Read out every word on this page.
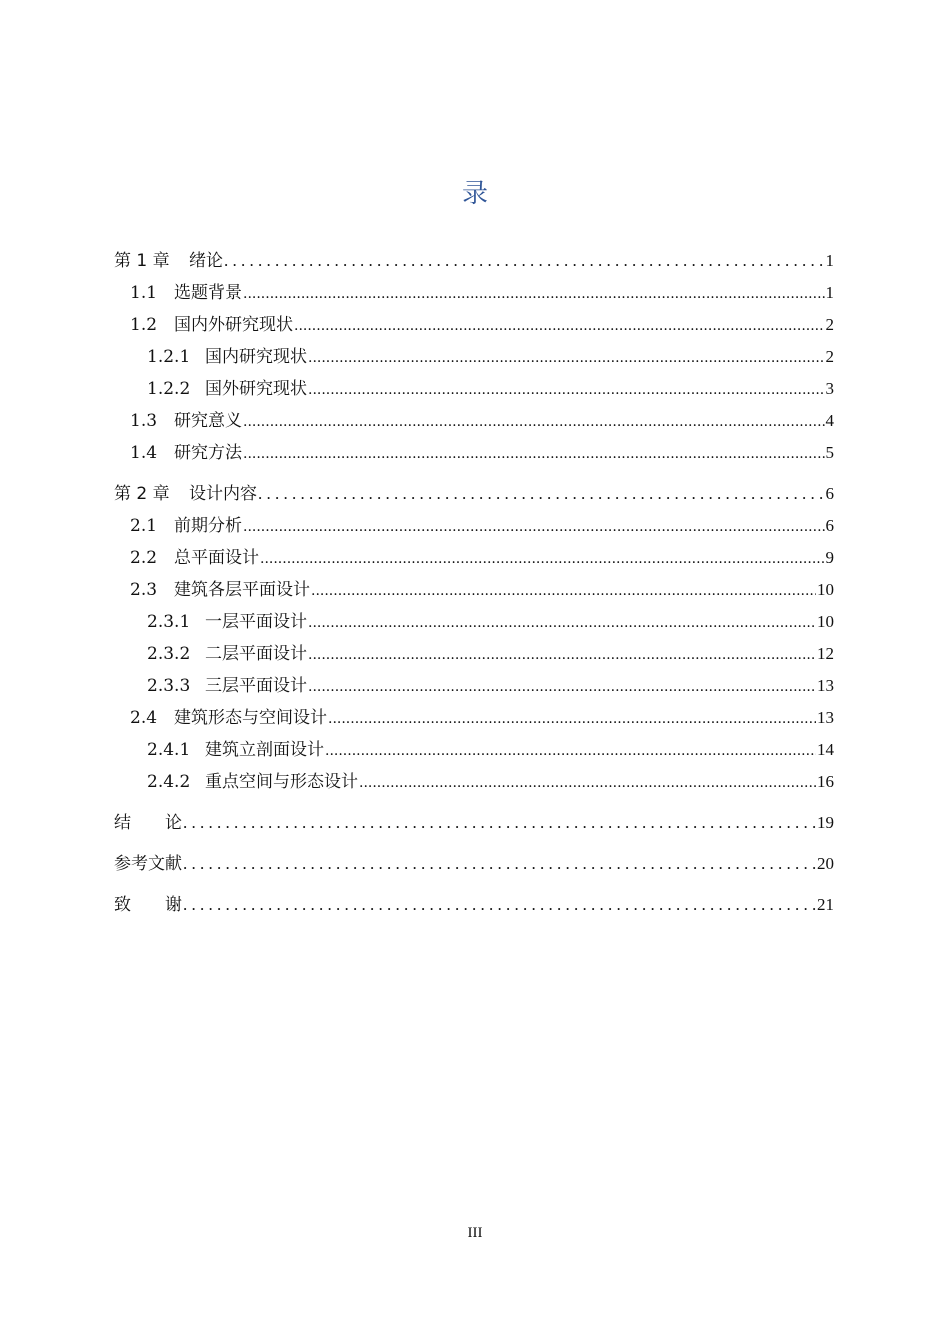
录
第 1 章	绪论 . . .	1
1.1 选题背景 .....	1
1.2 国内外研究现状 .....	2
1.2.1 国内研究现状 .....	2
1.2.2 国外研究现状 .....	3
1.3 研究意义 .....	4
1.4 研究方法 .....	5
第 2 章	设计内容 . . .	6
2.1 前期分析 .....	6
2.2 总平面设计 .....	9
2.3 建筑各层平面设计 .....	10
2.3.1 一层平面设计 .....	10
2.3.2 二层平面设计 .....	12
2.3.3 三层平面设计 .....	13
2.4 建筑形态与空间设计 .....	13
2.4.1 建筑立剖面设计 .....	14
2.4.2 重点空间与形态设计 .....	16
结　　论 . . .	19
参考文献 . . .	20
致　　谢 . . .	21
III
